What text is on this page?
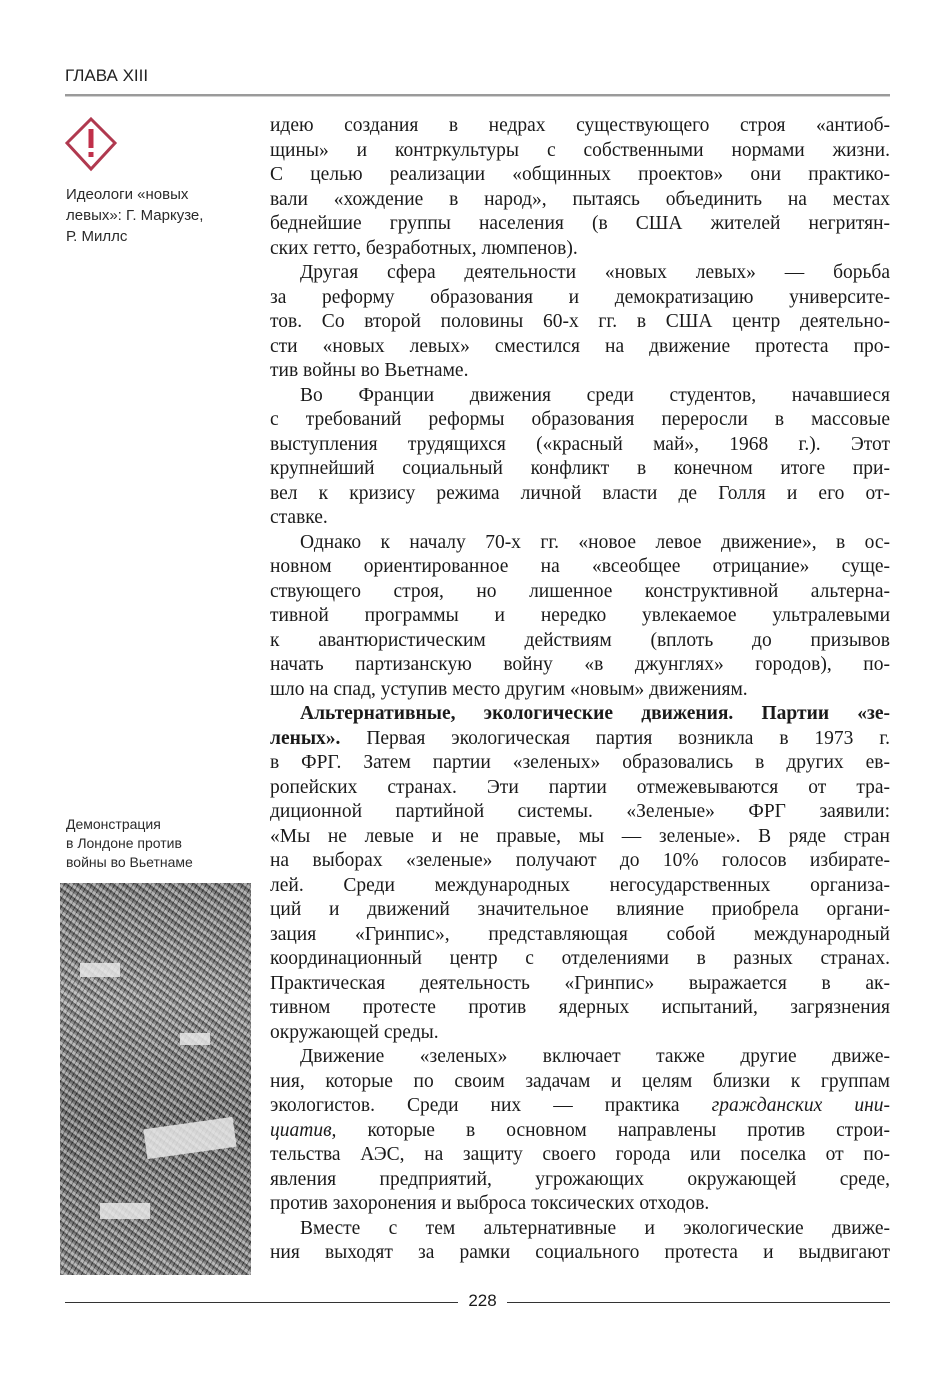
ГЛАВА XIII
Идеологи «новых
левых»: Г. Маркузе,
Р. Миллс
Демонстрация
в Лондоне против
войны во Вьетнаме
идею создания в недрах существующего строя «антиоб-
щины» и контркультуры с собственными нормами жизни.
С целью реализации «общинных проектов» они практико-
вали «хождение в народ», пытаясь объединить на местах
беднейшие группы населения (в США жителей негритян-
ских гетто, безработных, люмпенов).
Другая сфера деятельности «новых левых» — борьба
за реформу образования и демократизацию университе-
тов. Со второй половины 60-х гг. в США центр деятельно-
сти «новых левых» сместился на движение протеста про-
тив войны во Вьетнаме.
Во Франции движения среди студентов, начавшиеся
с требований реформы образования переросли в массовые
выступления трудящихся («красный май», 1968 г.). Этот
крупнейший социальный конфликт в конечном итоге при-
вел к кризису режима личной власти де Голля и его от-
ставке.
Однако к началу 70-х гг. «новое левое движение», в ос-
новном ориентированное на «всеобщее отрицание» суще-
ствующего строя, но лишенное конструктивной альтерна-
тивной программы и нередко увлекаемое ультралевыми
к авантюристическим действиям (вплоть до призывов
начать партизанскую войну «в джунглях» городов), по-
шло на спад, уступив место другим «новым» движениям.
Альтернативные, экологические движения. Партии «зе-
леных». Первая экологическая партия возникла в 1973 г.
в ФРГ. Затем партии «зеленых» образовались в других ев-
ропейских странах. Эти партии отмежевываются от тра-
диционной партийной системы. «Зеленые» ФРГ заявили:
«Мы не левые и не правые, мы — зеленые». В ряде стран
на выборах «зеленые» получают до 10% голосов избирате-
лей. Среди международных негосударственных организа-
ций и движений значительное влияние приобрела органи-
зация «Гринпис», представляющая собой международный
координационный центр с отделениями в разных странах.
Практическая деятельность «Гринпис» выражается в ак-
тивном протесте против ядерных испытаний, загрязнения
окружающей среды.
Движение «зеленых» включает также другие движе-
ния, которые по своим задачам и целям близки к группам
экологистов. Среди них — практика гражданских ини-
циатив, которые в основном направлены против строи-
тельства АЭС, на защиту своего города или поселка от по-
явления предприятий, угрожающих окружающей среде,
против захоронения и выброса токсических отходов.
Вместе с тем альтернативные и экологические движе-
ния выходят за рамки социального протеста и выдвигают
228
